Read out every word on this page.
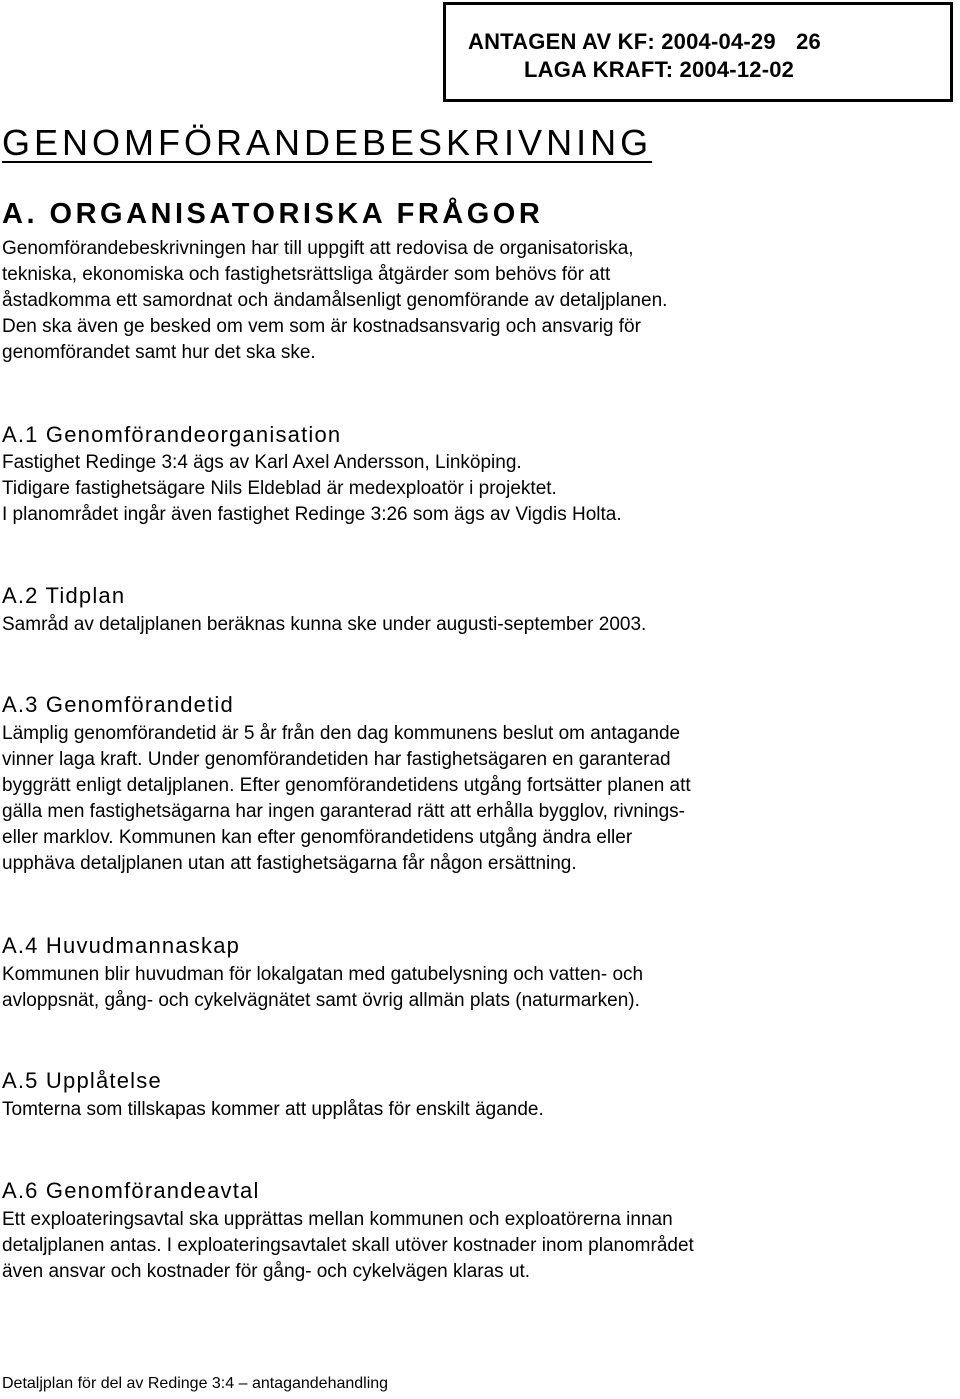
ANTAGEN AV KF: 2004-04-29 26
LAGA KRAFT: 2004-12-02
GENOMFÖRANDEBESKRIVNING
A. ORGANISATORISKA FRÅGOR
Genomförandebeskrivningen har till uppgift att redovisa de organisatoriska,
tekniska, ekonomiska och fastighetsrättsliga åtgärder som behövs för att
åstadkomma ett samordnat och ändamålsenligt genomförande av detaljplanen.
Den ska även ge besked om vem som är kostnadsansvarig och ansvarig för
genomförandet samt hur det ska ske.
A.1 Genomförandeorganisation
Fastighet Redinge 3:4 ägs av Karl Axel Andersson, Linköping.
Tidigare fastighetsägare Nils Eldeblad är medexploatör i projektet.
I planområdet ingår även fastighet Redinge 3:26 som ägs av Vigdis Holta.
A.2 Tidplan
Samråd av detaljplanen beräknas kunna ske under augusti-september 2003.
A.3 Genomförandetid
Lämplig genomförandetid är 5 år från den dag kommunens beslut om antagande
vinner laga kraft. Under genomförandetiden har fastighetsägaren en garanterad
byggrätt enligt detaljplanen. Efter genomförandetidens utgång fortsätter planen att
gälla men fastighetsägarna har ingen garanterad rätt att erhålla bygglov, rivnings-
eller marklov. Kommunen kan efter genomförandetidens utgång ändra eller
upphäva detaljplanen utan att fastighetsägarna får någon ersättning.
A.4 Huvudmannaskap
Kommunen blir huvudman för lokalgatan med gatubelysning och vatten- och
avloppsnät, gång- och cykelvägnätet samt övrig allmän plats (naturmarken).
A.5 Upplåtelse
Tomterna som tillskapas kommer att upplåtas för enskilt ägande.
A.6 Genomförandeavtal
Ett exploateringsavtal ska upprättas mellan kommunen och exploatörerna innan
detaljplanen antas. I exploateringsavtalet skall utöver kostnader inom planområdet
även ansvar och kostnader för gång- och cykelvägen klaras ut.
Detaljplan för del av Redinge 3:4 – antagandehandling
